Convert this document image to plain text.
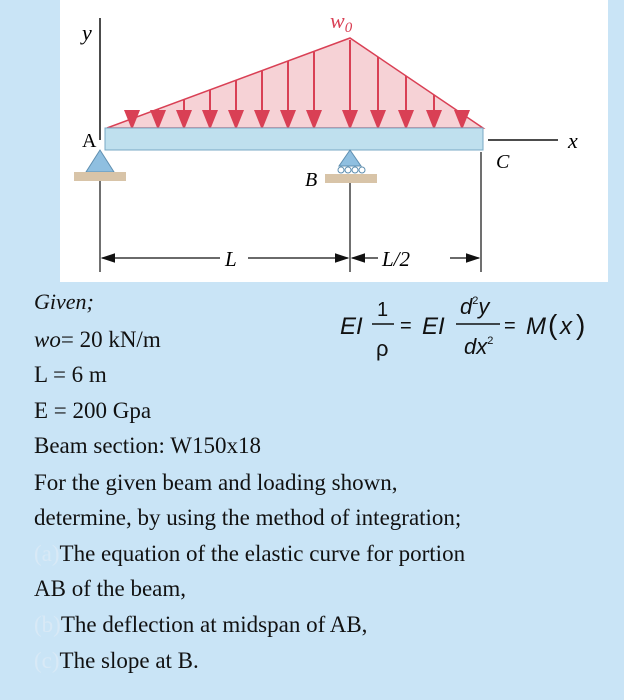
y	w0
A
B
C
x
L	L/2
EI
1
ρ
= EI
$d^2y$
$dx^2$
= M ( x )
Given;
wo= 20 kN/m
L = 6 m
E = 200 Gpa
Beam section: W150x18
For the given beam and loading shown,
determine, by using the method of integration;
(a)The equation of the elastic curve for portion
AB of the beam,
(b)The deflection at midspan of AB,
(c)The slope at B.
